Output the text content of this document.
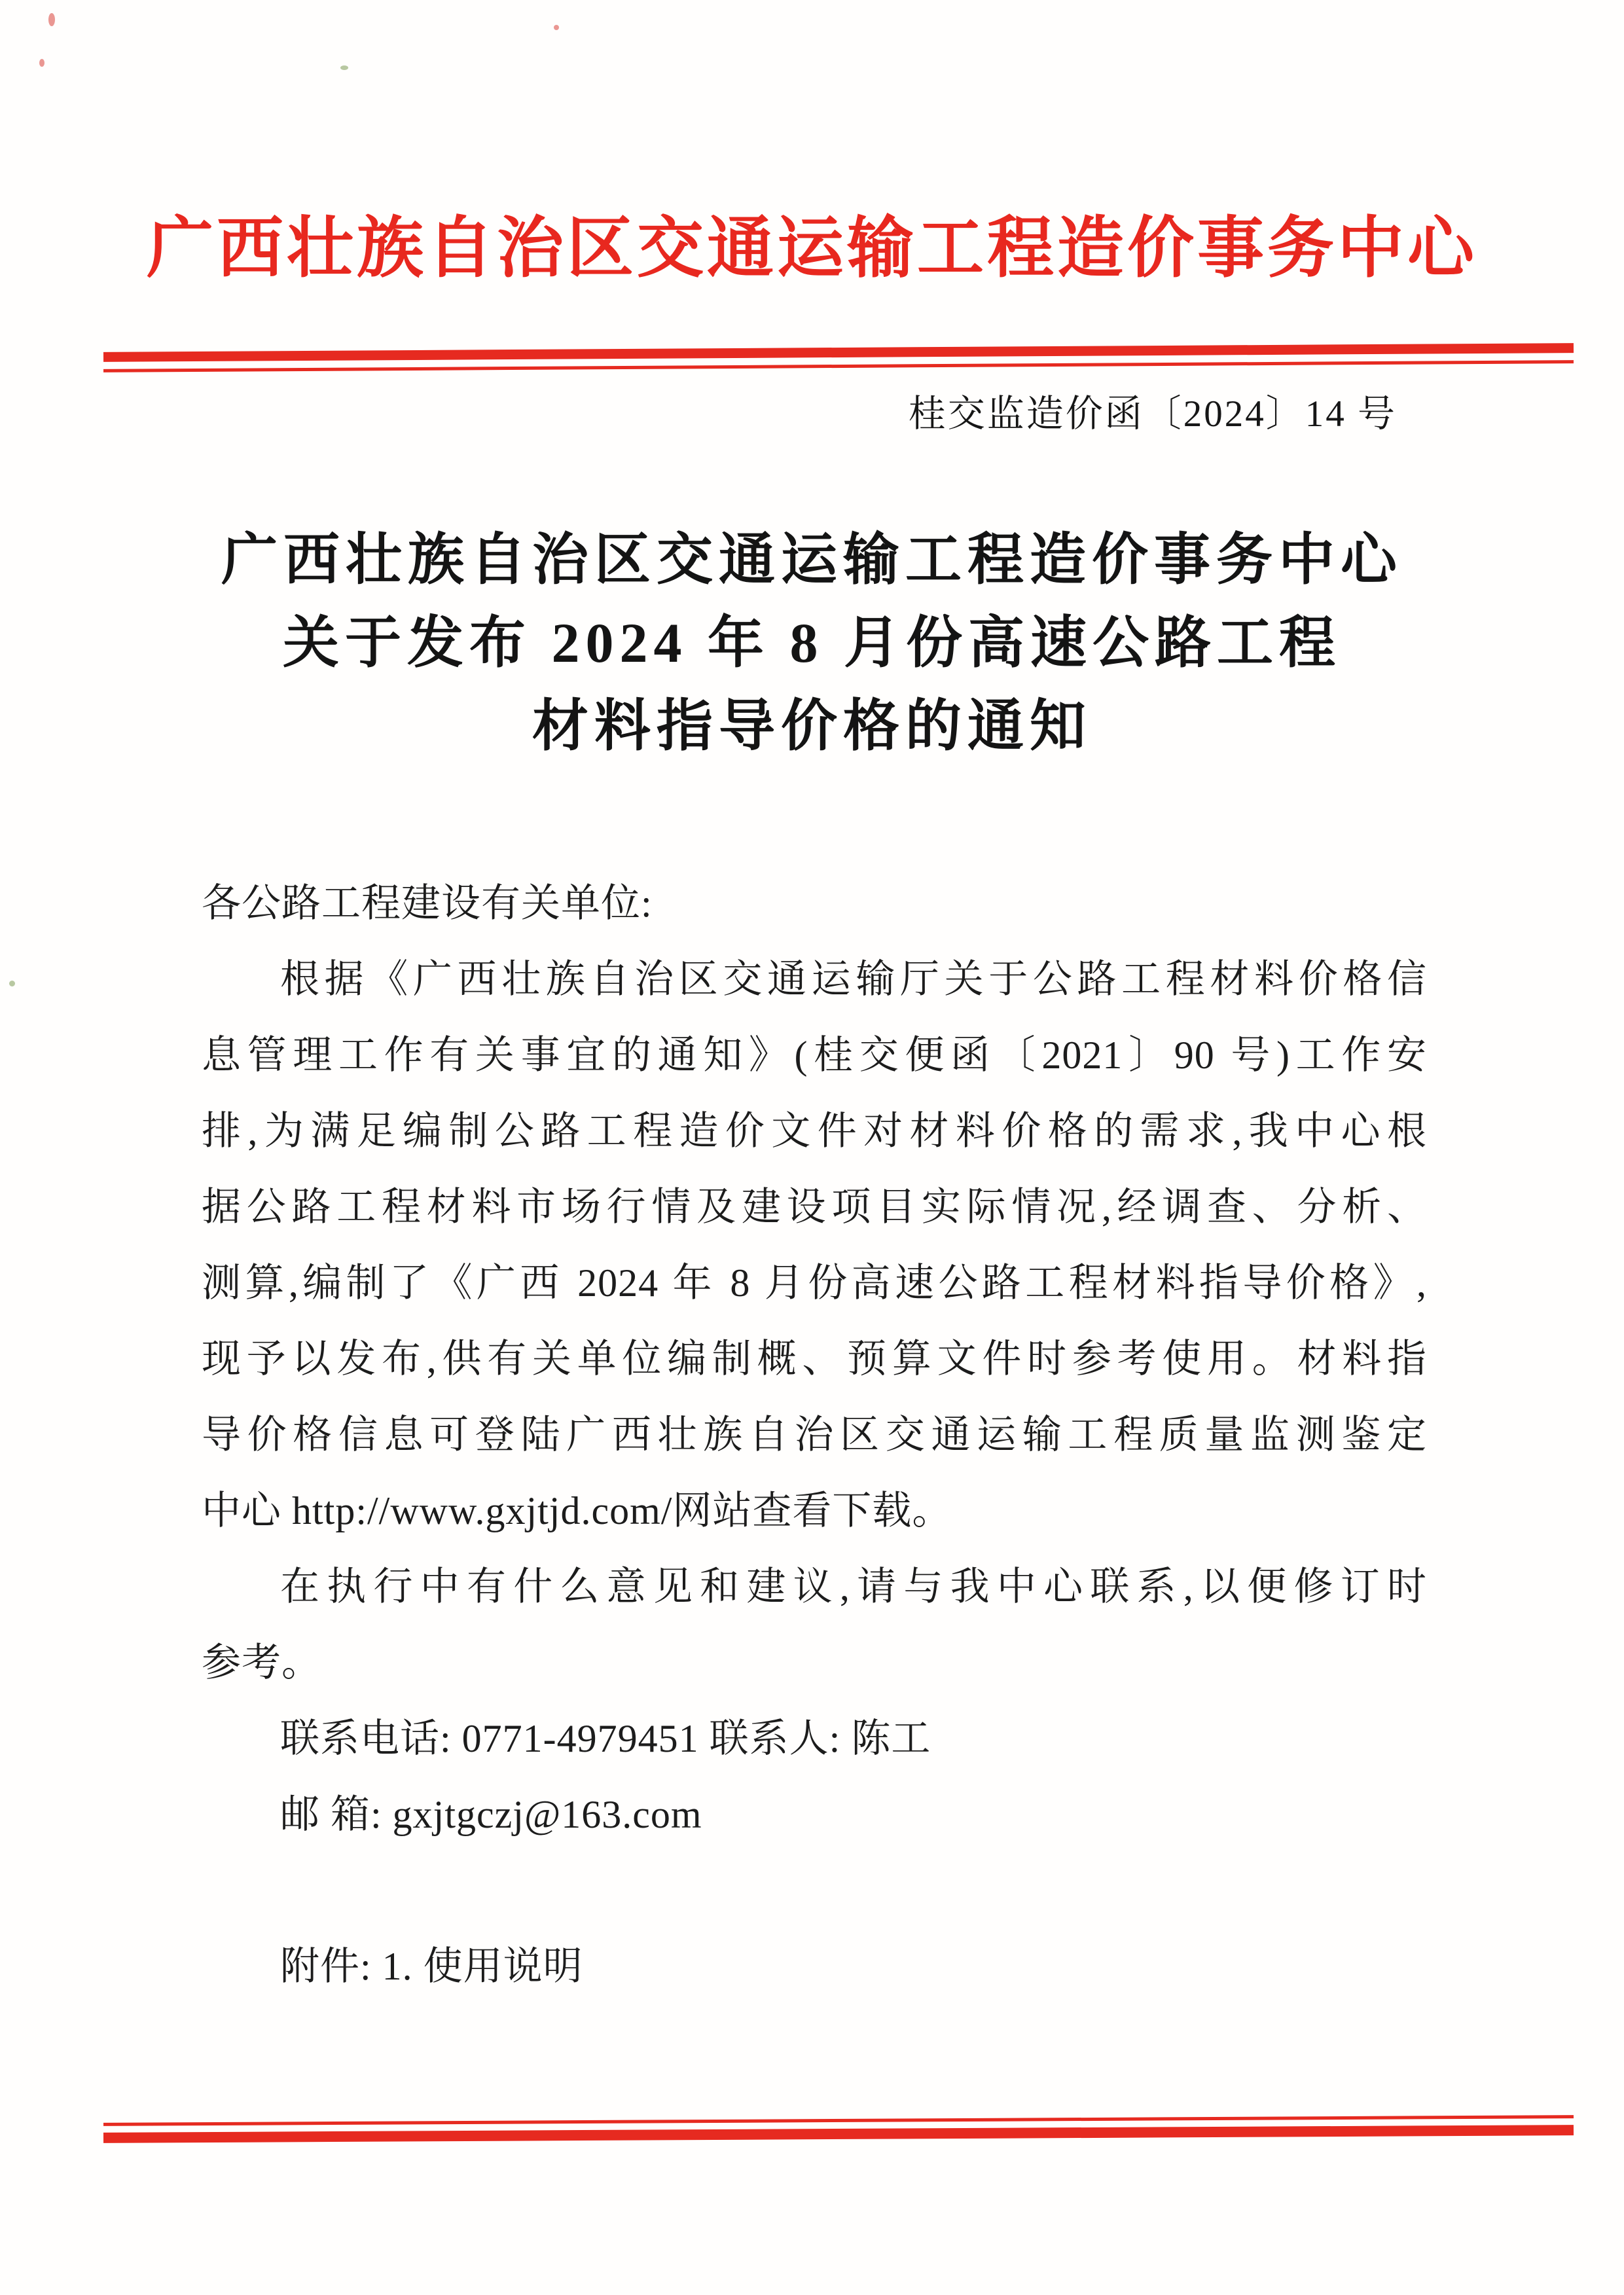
广西壮族自治区交通运输工程造价事务中心
桂交监造价函〔2024〕14 号
广西壮族自治区交通运输工程造价事务中心
关于发布 2024 年 8 月份高速公路工程
材料指导价格的通知
各公路工程建设有关单位:
根据《广西壮族自治区交通运输厅关于公路工程材料价格信
息管理工作有关事宜的通知》(桂交便函〔2021〕90 号)工作安
排,为满足编制公路工程造价文件对材料价格的需求,我中心根
据公路工程材料市场行情及建设项目实际情况,经调查、分析、
测算,编制了《广西 2024 年 8 月份高速公路工程材料指导价格》,
现予以发布,供有关单位编制概、预算文件时参考使用。材料指
导价格信息可登陆广西壮族自治区交通运输工程质量监测鉴定
中心 http://www.gxjtjd.com/网站查看下载。
在执行中有什么意见和建议,请与我中心联系,以便修订时
参考。
联系电话: 0771-4979451 联系人: 陈工
邮 箱: gxjtgczj@163.com
附件: 1. 使用说明
